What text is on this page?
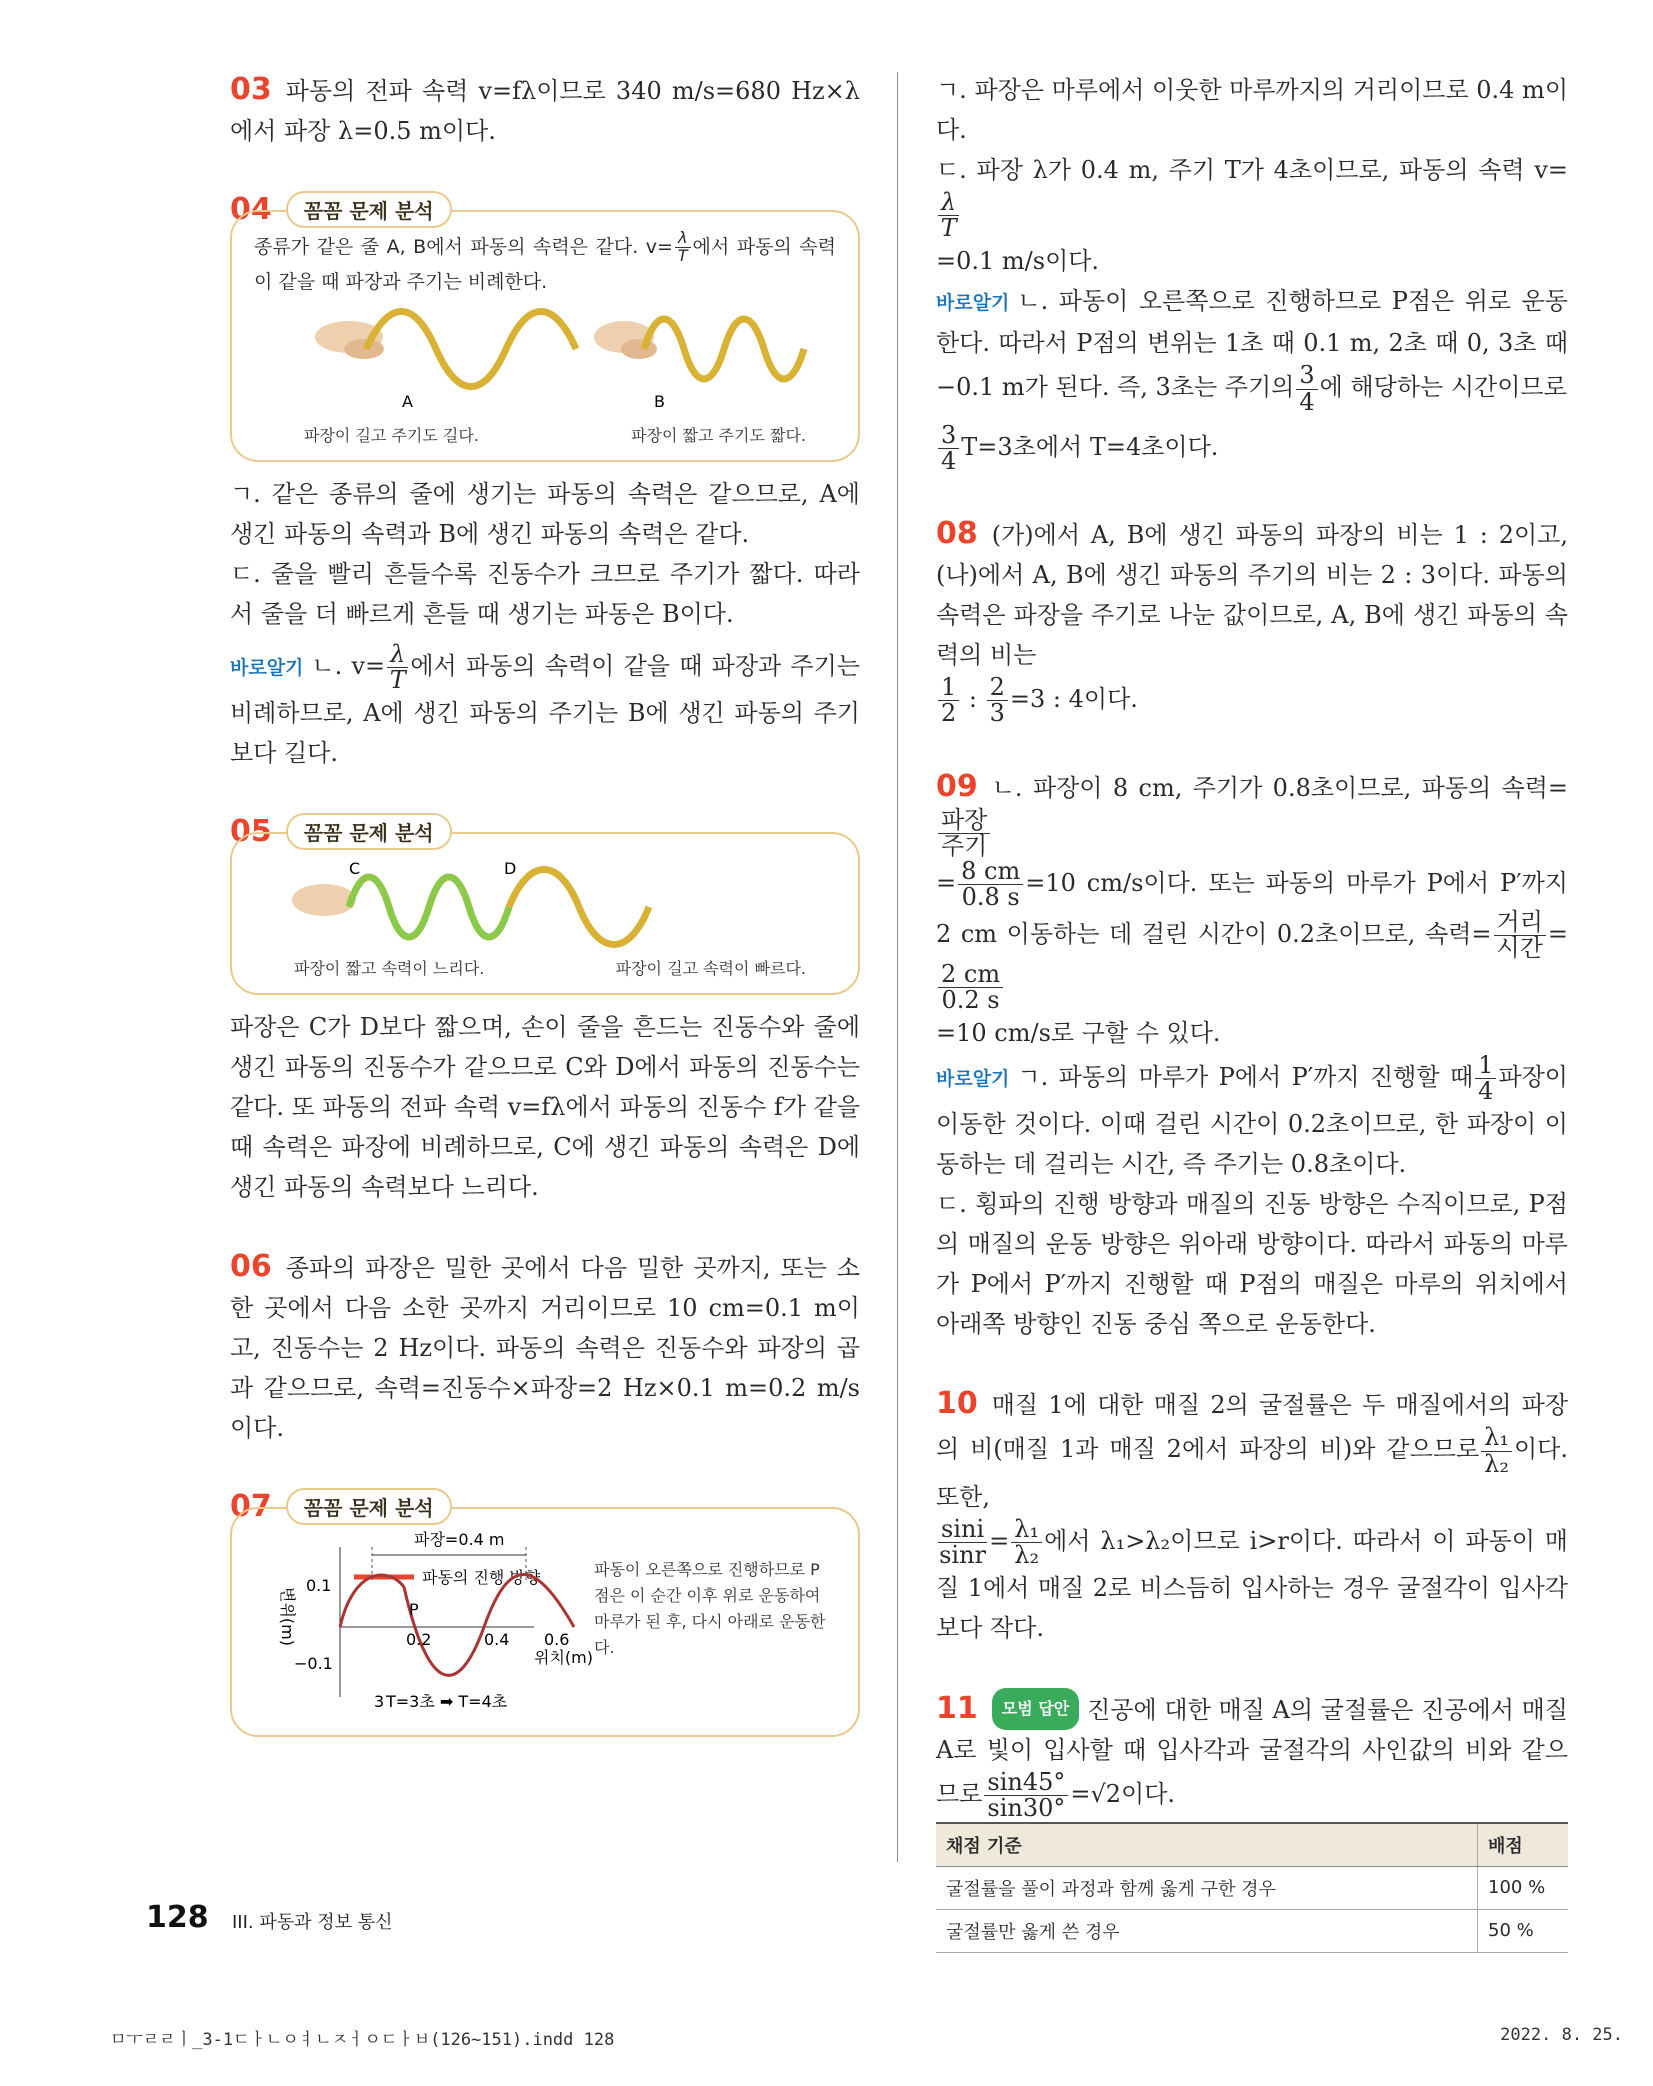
03 파동의 전파 속력 v=fλ이므로 340 m/s=680 Hz×λ에서 파장 λ=0.5 m이다.

04	꼼꼼 문제 분석

종류가 같은 줄 A, B에서 파동의 속력은 같다. $v= \frac{\lambda}{T}$ 에서 파동의 속력이 같을 때 파장과 주기는 비례한다.

A	B
파장이 길고 주기도 길다.	파장이 짧고 주기도 짧다.

ㄱ. 같은 종류의 줄에 생기는 파동의 속력은 같으므로, A에 생긴 파동의 속력과 B에 생긴 파동의 속력은 같다.

ㄷ. 줄을 빨리 흔들수록 진동수가 크므로 주기가 짧다. 따라서 줄을 더 빠르게 흔들 때 생기는 파동은 B이다.

바로알기 ㄴ. $v= \frac{\lambda}{T}$ 에서 파동의 속력이 같을 때 파장과 주기는 비례하므로, A에 생긴 파동의 주기는 B에 생긴 파동의 주기보다 길다.

05	꼼꼼 문제 분석
C	D
파장이 짧고 속력이 느리다.	파장이 길고 속력이 빠르다.

파장은 C가 D보다 짧으며, 손이 줄을 흔드는 진동수와 줄에 생긴 파동의 진동수가 같으므로 C와 D에서 파동의 진동수는 같다. 또 파동의 전파 속력 v=fλ에서 파동의 진동수 f가 같을 때 속력은 파장에 비례하므로, C에 생긴 파동의 속력은 D에 생긴 파동의 속력보다 느리다.

06 종파의 파장은 밀한 곳에서 다음 밀한 곳까지, 또는 소한 곳에서 다음 소한 곳까지 거리이므로 10 cm=0.1 m이고, 진동수는 2 Hz이다. 파동의 속력은 진동수와 파장의 곱과 같으므로, 속력=진동수×파장=2 Hz×0.1 m=0.2 m/s이다.

07	꼼꼼 문제 분석
변위(m)
파장=0.4 m
파동의 진행 방향
0.1
−0.1
0.2	0.4 0.6
위치(m)
P
파동이 오른쪽으로 진행하므로 P점은 이 순간 이후 위로 운동하여 마루가 된 후, 다시 아래로 운동한다.
3 T=3초 ➡ T=4초

ㄱ. 파장은 마루에서 이웃한 마루까지의 거리이므로 0.4 m이다.

ㄷ. 파장 λ가 0.4 m, 주기 T가 4초이므로, 파동의 속력 v=
$\frac{\lambda}{T}$

=0.1 m/s이다.

바로알기 ㄴ. 파동이 오른쪽으로 진행하므로 P점은 위로 운동한다. 따라서 P점의 변위는 1초 때 0.1 m, 2초 때 0, 3초 때 −0.1 m가 된다. 즉, 3초는 주기의 $\frac{3}{4}$ 에 해당하는 시간이므로

$\frac{3}{4} T=3$초에서 T=4초이다.

08 (가)에서 A, B에 생긴 파동의 파장의 비는 1 : 2이고, (나)에서 A, B에 생긴 파동의 주기의 비는 2 : 3이다. 파동의 속력은 파장을 주기로 나눈 값이므로, A, B에 생긴 파동의 속력의 비는

$\frac{1}{2}$ : $\frac{2}{3} =3$ : 4이다.

09 ㄴ. 파장이 8 cm, 주기가 0.8초이므로, 파동의 속력=
$\frac{\text{파장}}{\text{주기}}$

= $\frac{8 cm}{0.8 s} =10$ cm/s이다. 또는 파동의 마루가 P에서 P′까지 2 cm 이동하는 데 걸린 시간이 0.2초이므로, 속력= $\frac{\text{거리}}{\text{시간}}$ =
$\frac{2 cm}{0.2 s}$

=10 cm/s로 구할 수 있다.

바로알기 ㄱ. 파동의 마루가 P에서 P′까지 진행할 때 $\frac{1}{4}$ 파장이 이동한 것이다. 이때 걸린 시간이 0.2초이므로, 한 파장이 이동하는 데 걸리는 시간, 즉 주기는 0.8초이다.

ㄷ. 횡파의 진행 방향과 매질의 진동 방향은 수직이므로, P점의 매질의 운동 방향은 위아래 방향이다. 따라서 파동의 마루가 P에서 P′까지 진행할 때 P점의 매질은 마루의 위치에서 아래쪽 방향인 진동 중심 쪽으로 운동한다.

10 매질 1에 대한 매질 2의 굴절률은 두 매질에서의 파장의 비(매질 1과 매질 2에서 파장의 비)와 같으므로 $\frac{\text{λ₁}}{\text{λ₂}}$ 이다. 또한,

$\frac{\sin i}{\sin r} = \frac{\text{λ₁}}{\text{λ₂}}$ 에서 λ₁>λ₂이므로 i>r이다. 따라서 이 파동이 매질 1에서 매질 2로 비스듬히 입사하는 경우 굴절각이 입사각보다 작다.

11 모범 답안 진공에 대한 매질 A의 굴절률은 진공에서 매질 A로 빛이 입사할 때 입사각과 굴절각의 사인값의 비와 같으므로 $\frac{\sin 45^\circ}{\sin 30^\circ} =√2$이다.

채점 기준	배점
굴절률을 풀이 과정과 함께 옳게 구한 경우	100 %
굴절률만 옳게 쓴 경우	50 %
128 III. 파동과 정보 통신
ㅁㅜㄹㄹㅣ_3-1ㄷㅏㄴㅇㅕㄴㅈㅓㅇㄷㅏㅂ(126~151).indd 128	2022. 8. 25.
